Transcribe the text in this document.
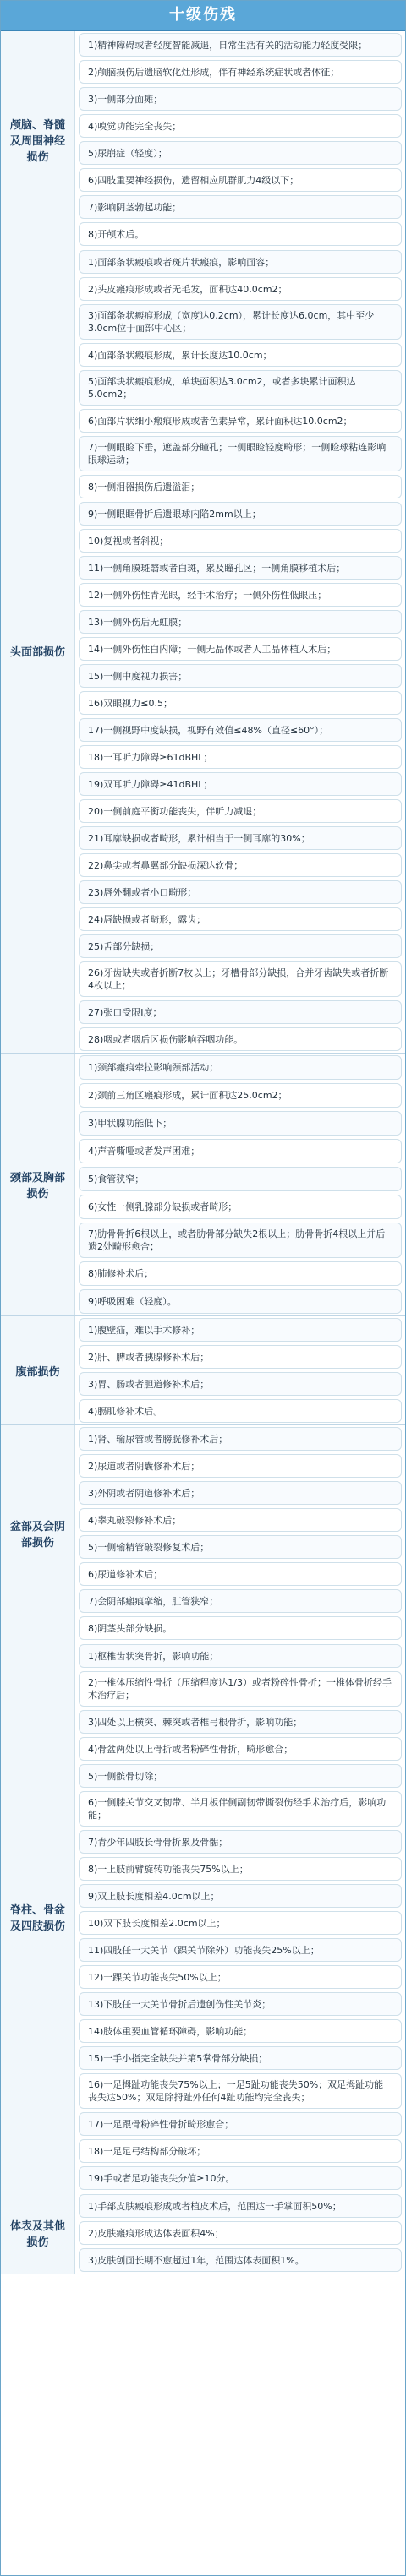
十级伤残
颅脑、脊髓及周围神经损伤
1)精神障碍或者轻度智能减退，日常生活有关的活动能力轻度受限；
2)颅脑损伤后遗脑软化灶形成，伴有神经系统症状或者体征；
3)一侧部分面瘫；
4)嗅觉功能完全丧失；
5)尿崩症（轻度）；
6)四肢重要神经损伤，遗留相应肌群肌力4级以下；
7)影响阴茎勃起功能；
8)开颅术后。
头面部损伤
1)面部条状瘢痕或者斑片状瘢痕，影响面容；
2)头皮瘢痕形成或者无毛发，面积达40.0cm2；
3)面部条状瘢痕形成（宽度达0.2cm），累计长度达6.0cm，其中至少3.0cm位于面部中心区；
4)面部条状瘢痕形成，累计长度达10.0cm；
5)面部块状瘢痕形成，单块面积达3.0cm2，或者多块累计面积达5.0cm2；
6)面部片状细小瘢痕形成或者色素异常，累计面积达10.0cm2；
7)一侧眼睑下垂，遮盖部分瞳孔；一侧眼睑轻度畸形；一侧睑球粘连影响眼球运动；
8)一侧泪器损伤后遗溢泪；
9)一侧眼眶骨折后遗眼球内陷2mm以上；
10)复视或者斜视；
11)一侧角膜斑翳或者白斑，累及瞳孔区；一侧角膜移植术后；
12)一侧外伤性青光眼，经手术治疗；一侧外伤性低眼压；
13)一侧外伤后无虹膜；
14)一侧外伤性白内障；一侧无晶体或者人工晶体植入术后；
15)一侧中度视力损害；
16)双眼视力≤0.5；
17)一侧视野中度缺损，视野有效值≤48%（直径≤60°）；
18)一耳听力障碍≥61dBHL；
19)双耳听力障碍≥41dBHL；
20)一侧前庭平衡功能丧失，伴听力减退；
21)耳廓缺损或者畸形，累计相当于一侧耳廓的30%；
22)鼻尖或者鼻翼部分缺损深达软骨；
23)唇外翻或者小口畸形；
24)唇缺损或者畸形，露齿；
25)舌部分缺损；
26)牙齿缺失或者折断7枚以上；牙槽骨部分缺损，合并牙齿缺失或者折断4枚以上；
27)张口受限Ⅰ度；
28)咽或者咽后区损伤影响吞咽功能。
颈部及胸部损伤
1)颈部瘢痕牵拉影响颈部活动；
2)颈前三角区瘢痕形成，累计面积达25.0cm2；
3)甲状腺功能低下；
4)声音嘶哑或者发声困难；
5)食管狭窄；
6)女性一侧乳腺部分缺损或者畸形；
7)肋骨骨折6根以上，或者肋骨部分缺失2根以上；肋骨骨折4根以上并后遗2处畸形愈合；
8)肺修补术后；
9)呼吸困难（轻度）。
腹部损伤
1)腹壁疝，难以手术修补；
2)肝、脾或者胰腺修补术后；
3)胃、肠或者胆道修补术后；
4)膈肌修补术后。
盆部及会阴部损伤
1)肾、输尿管或者膀胱修补术后；
2)尿道或者阴囊修补术后；
3)外阴或者阴道修补术后；
4)睾丸破裂修补术后；
5)一侧输精管破裂修复术后；
6)尿道修补术后；
7)会阴部瘢痕挛缩，肛管狭窄；
8)阴茎头部分缺损。
脊柱、骨盆及四肢损伤
1)枢椎齿状突骨折，影响功能；
2)一椎体压缩性骨折（压缩程度达1/3）或者粉碎性骨折；一椎体骨折经手术治疗后；
3)四处以上横突、棘突或者椎弓根骨折，影响功能；
4)骨盆两处以上骨折或者粉碎性骨折，畸形愈合；
5)一侧髌骨切除；
6)一侧膝关节交叉韧带、半月板伴侧副韧带撕裂伤经手术治疗后，影响功能；
7)青少年四肢长骨骨折累及骨骺；
8)一上肢前臂旋转功能丧失75%以上；
9)双上肢长度相差4.0cm以上；
10)双下肢长度相差2.0cm以上；
11)四肢任一大关节（踝关节除外）功能丧失25%以上；
12)一踝关节功能丧失50%以上；
13)下肢任一大关节骨折后遗创伤性关节炎；
14)肢体重要血管循环障碍，影响功能；
15)一手小指完全缺失并第5掌骨部分缺损；
16)一足拇趾功能丧失75%以上；一足5趾功能丧失50%；双足拇趾功能丧失达50%；双足除拇趾外任何4趾功能均完全丧失；
17)一足跟骨粉碎性骨折畸形愈合；
18)一足足弓结构部分破坏；
19)手或者足功能丧失分值≥10分。
体表及其他损伤
1)手部皮肤瘢痕形成或者植皮术后，范围达一手掌面积50%；
2)皮肤瘢痕形成达体表面积4%；
3)皮肤创面长期不愈超过1年，范围达体表面积1%。
